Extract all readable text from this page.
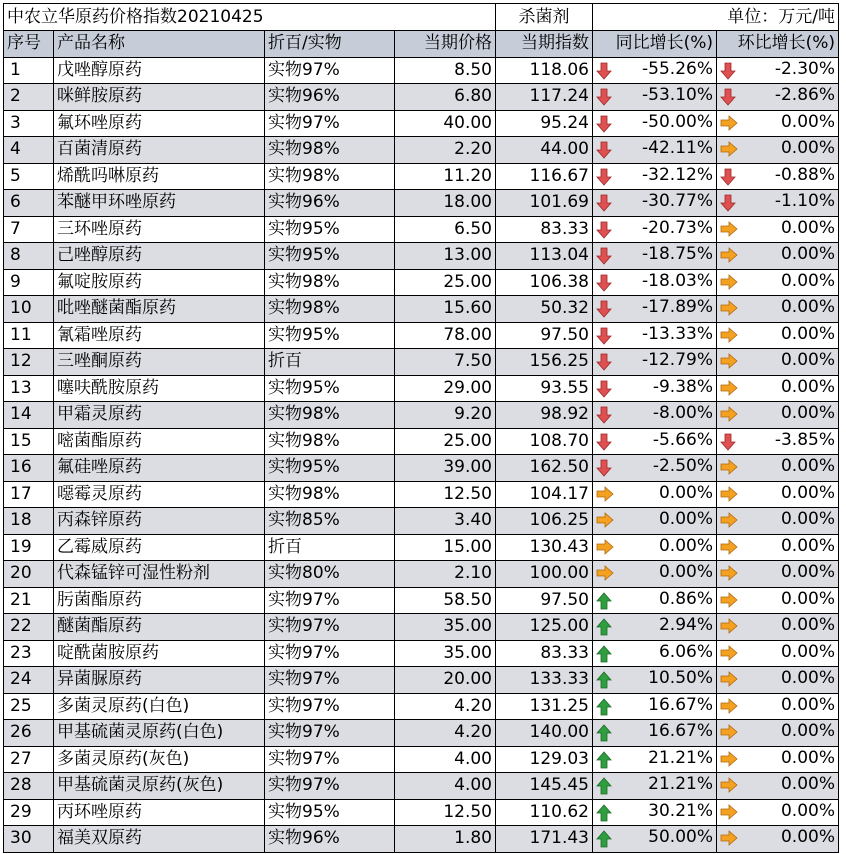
中农立华原药价格指数20210425				杀菌剂	单位：万元/吨	
序号	产品名称	折百/实物	当期价格	当期指数	同比增长(%)	环比增长(%)
1	戊唑醇原药	实物97%	8.50	118.06	-55.26%	-2.30%

2	咪鲜胺原药	实物96%	6.80	117.24	-53.10%	-2.86%

3	氟环唑原药	实物97%	40.00	95.24	-50.00%	0.00%

4	百菌清原药	实物98%	2.20	44.00	-42.11%	0.00%

5	烯酰吗啉原药	实物98%	11.20	116.67	-32.12%	-0.88%

6	苯醚甲环唑原药	实物96%	18.00	101.69	-30.77%	-1.10%

7	三环唑原药	实物95%	6.50	83.33	-20.73%	0.00%

8	己唑醇原药	实物95%	13.00	113.04	-18.75%	0.00%

9	氟啶胺原药	实物98%	25.00	106.38	-18.03%	0.00%

10	吡唑醚菌酯原药	实物98%	15.60	50.32	-17.89%	0.00%

11	氰霜唑原药	实物95%	78.00	97.50	-13.33%	0.00%

12	三唑酮原药	折百	7.50	156.25	-12.79%	0.00%

13	噻呋酰胺原药	实物95%	29.00	93.55	-9.38%	0.00%

14	甲霜灵原药	实物98%	9.20	98.92	-8.00%	0.00%

15	嘧菌酯原药	实物98%	25.00	108.70	-5.66%	-3.85%

16	氟硅唑原药	实物95%	39.00	162.50	-2.50%	0.00%

17	噁霉灵原药	实物98%	12.50	104.17	0.00%	0.00%

18	丙森锌原药	实物85%	3.40	106.25	0.00%	0.00%

19	乙霉威原药	折百	15.00	130.43	0.00%	0.00%

20	代森锰锌可湿性粉剂	实物80%	2.10	100.00	0.00%	0.00%

21	肟菌酯原药	实物97%	58.50	97.50	0.86%	0.00%

22	醚菌酯原药	实物97%	35.00	125.00	2.94%	0.00%

23	啶酰菌胺原药	实物97%	35.00	83.33	6.06%	0.00%

24	异菌脲原药	实物97%	20.00	133.33	10.50%	0.00%

25	多菌灵原药(白色)	实物97%	4.20	131.25	16.67%	0.00%

26	甲基硫菌灵原药(白色)	实物97%	4.20	140.00	16.67%	0.00%

27	多菌灵原药(灰色)	实物97%	4.00	129.03	21.21%	0.00%

28	甲基硫菌灵原药(灰色)	实物97%	4.00	145.45	21.21%	0.00%

29	丙环唑原药	实物95%	12.50	110.62	30.21%	0.00%

30	福美双原药	实物96%	1.80	171.43	50.00%	0.00%
